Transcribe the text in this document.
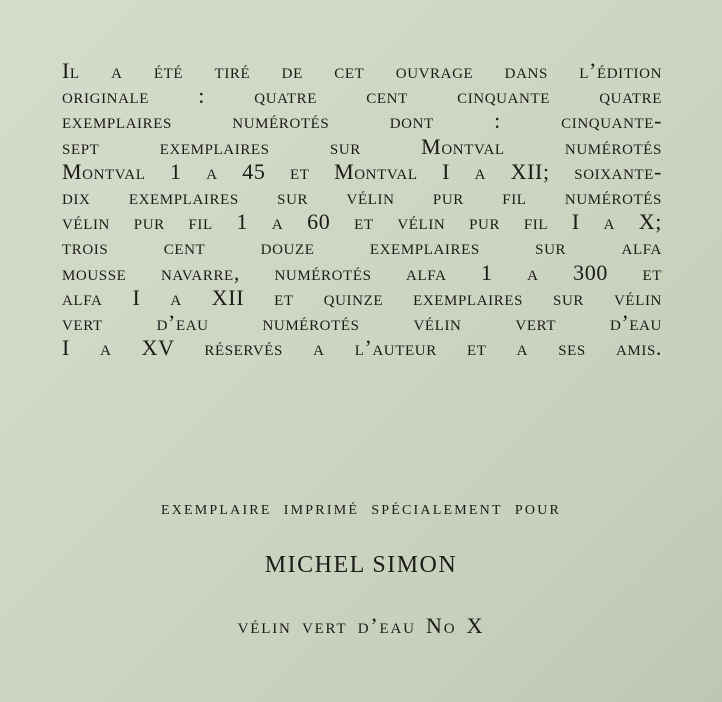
Il a été tiré de cet ouvrage dans l’édition
originale : quatre cent cinquante quatre
exemplaires numérotés dont : cinquante-
sept exemplaires sur Montval numérotés
Montval 1 a 45 et Montval I a XII; soixante-
dix exemplaires sur vélin pur fil numérotés
vélin pur fil 1 a 60 et vélin pur fil I a X;
trois cent douze exemplaires sur alfa
mousse navarre, numérotés alfa 1 a 300 et
alfa I a XII et quinze exemplaires sur vélin
vert d’eau numérotés vélin vert d’eau
I a XV réservés a l’auteur et a ses amis.
exemplaire imprimé spécialement pour
MICHEL SIMON
vélin vert d’eau No X
